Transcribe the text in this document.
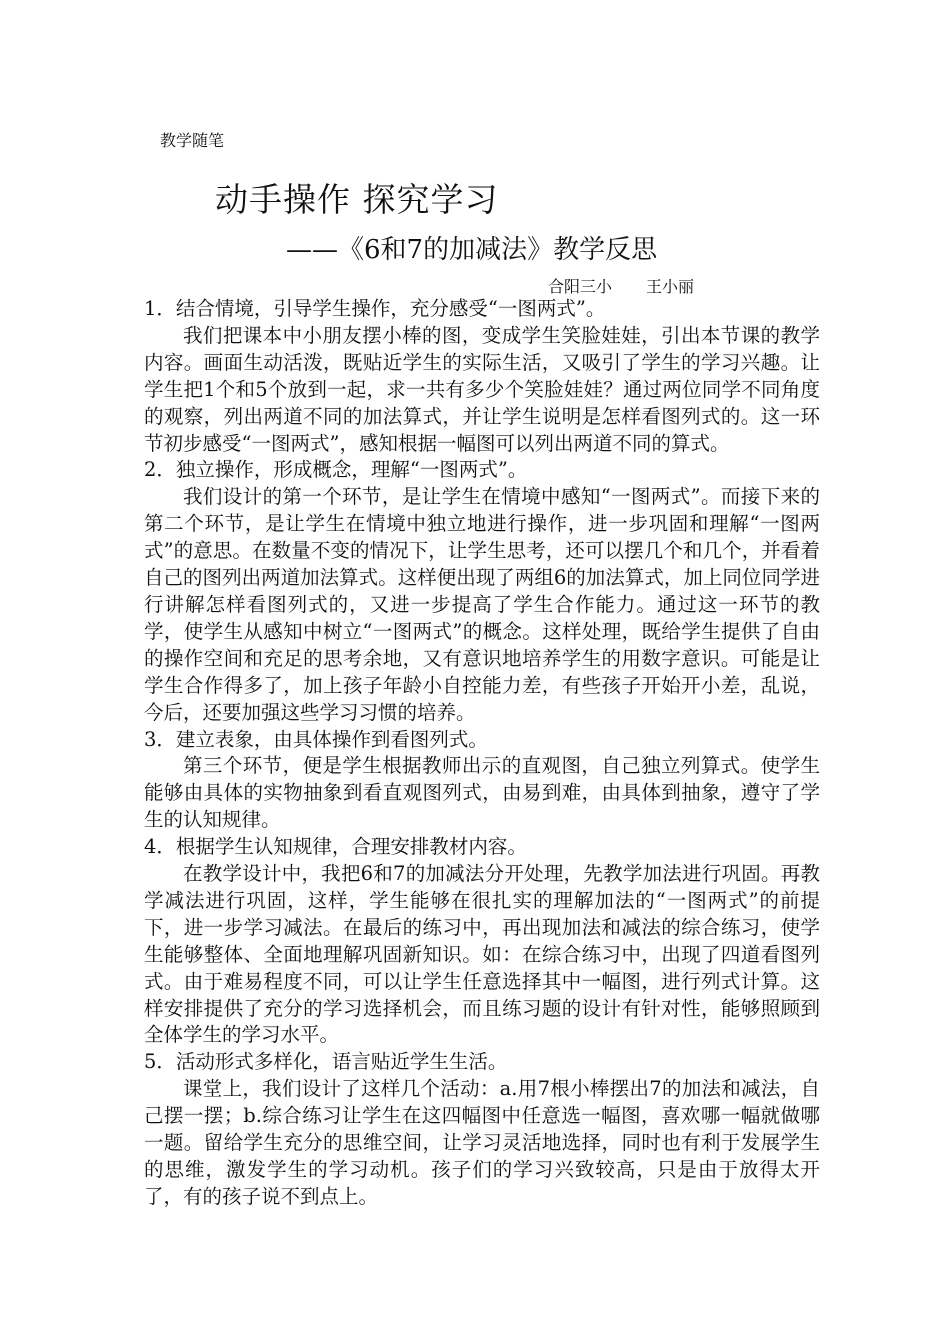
教学随笔
动手操作 探究学习
——《6和7的加减法》教学反思
合阳三小 王小丽

1．结合情境，引导学生操作，充分感受“一图两式”。

我们把课本中小朋友摆小棒的图，变成学生笑脸娃娃，引出本节课的教学内容。画面生动活泼，既贴近学生的实际生活，又吸引了学生的学习兴趣。让学生把1个和5个放到一起，求一共有多少个笑脸娃娃？通过两位同学不同角度的观察，列出两道不同的加法算式，并让学生说明是怎样看图列式的。这一环节初步感受“一图两式”，感知根据一幅图可以列出两道不同的算式。

2．独立操作，形成概念，理解“一图两式”。

我们设计的第一个环节，是让学生在情境中感知“一图两式”。而接下来的第二个环节，是让学生在情境中独立地进行操作，进一步巩固和理解“一图两式”的意思。在数量不变的情况下，让学生思考，还可以摆几个和几个，并看着自己的图列出两道加法算式。这样便出现了两组6的加法算式，加上同位同学进行讲解怎样看图列式的，又进一步提高了学生合作能力。通过这一环节的教学，使学生从感知中树立“一图两式”的概念。这样处理，既给学生提供了自由的操作空间和充足的思考余地，又有意识地培养学生的用数字意识。可能是让学生合作得多了，加上孩子年龄小自控能力差，有些孩子开始开小差，乱说，今后，还要加强这些学习习惯的培养。

3．建立表象，由具体操作到看图列式。

第三个环节，便是学生根据教师出示的直观图，自己独立列算式。使学生能够由具体的实物抽象到看直观图列式，由易到难，由具体到抽象，遵守了学生的认知规律。

4．根据学生认知规律，合理安排教材内容。

在教学设计中，我把6和7的加减法分开处理，先教学加法进行巩固。再教学减法进行巩固，这样，学生能够在很扎实的理解加法的“一图两式”的前提下，进一步学习减法。在最后的练习中，再出现加法和减法的综合练习，使学生能够整体、全面地理解巩固新知识。如：在综合练习中，出现了四道看图列式。由于难易程度不同，可以让学生任意选择其中一幅图，进行列式计算。这样安排提供了充分的学习选择机会，而且练习题的设计有针对性，能够照顾到全体学生的学习水平。

5．活动形式多样化，语言贴近学生生活。

课堂上，我们设计了这样几个活动：a.用7根小棒摆出7的加法和减法，自己摆一摆；b.综合练习让学生在这四幅图中任意选一幅图，喜欢哪一幅就做哪一题。留给学生充分的思维空间，让学习灵活地选择，同时也有利于发展学生的思维，激发学生的学习动机。孩子们的学习兴致较高，只是由于放得太开了，有的孩子说不到点上。
